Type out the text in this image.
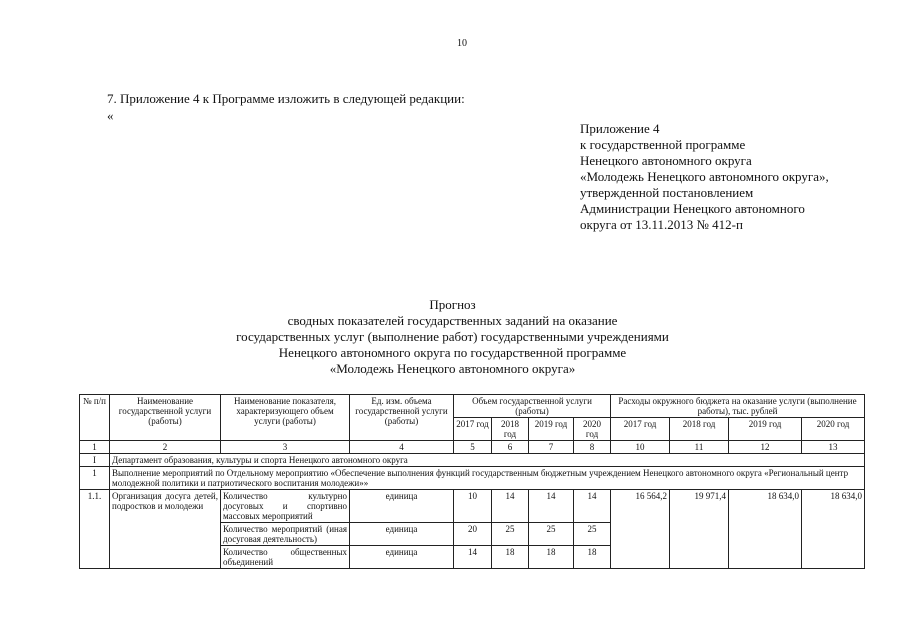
10
7. Приложение 4 к Программе изложить в следующей редакции:
«
Приложение 4
к государственной программе
Ненецкого автономного округа
«Молодежь Ненецкого автономного округа»,
утвержденной постановлением
Администрации Ненецкого автономного
округа от 13.11.2013 № 412-п
Прогноз
сводных показателей государственных заданий на оказание
государственных услуг (выполнение работ) государственными учреждениями
Ненецкого автономного округа по государственной программе
«Молодежь Ненецкого автономного округа»
№ п/п	Наименование государственной услуги (работы)	Наименование показателя, характеризующего объем услуги (работы)	Ед. изм. объема государственной услуги (работы)	Объем государственной услуги (работы)				Расходы окружного бюджета на оказание услуги (выполнение работы), тыс. рублей			
				2017 год	2018 год	2019 год	2020 год	2017 год	2018 год	2019 год	2020 год
1	2	3	4	5	6	7	8	10	11	12	13
I	Департамент образования, культуры и спорта Ненецкого автономного округа										
1	Выполнение мероприятий по Отдельному мероприятию «Обеспечение выполнения функций государственным бюджетным учреждением Ненецкого автономного округа «Региональный центр молодежной политики и патриотического воспитания молодежи»»										
1.1.	Организация досуга детей, подростков и молодежи	Количество культурно досуговых и спортивно массовых мероприятий	единица	10	14	14	14	16 564,2	19 971,4	18 634,0	18 634,0
		Количество мероприятий (иная досуговая деятельность)	единица	20	25	25	25				
		Количество общественных объединений	единица	14	18	18	18				
